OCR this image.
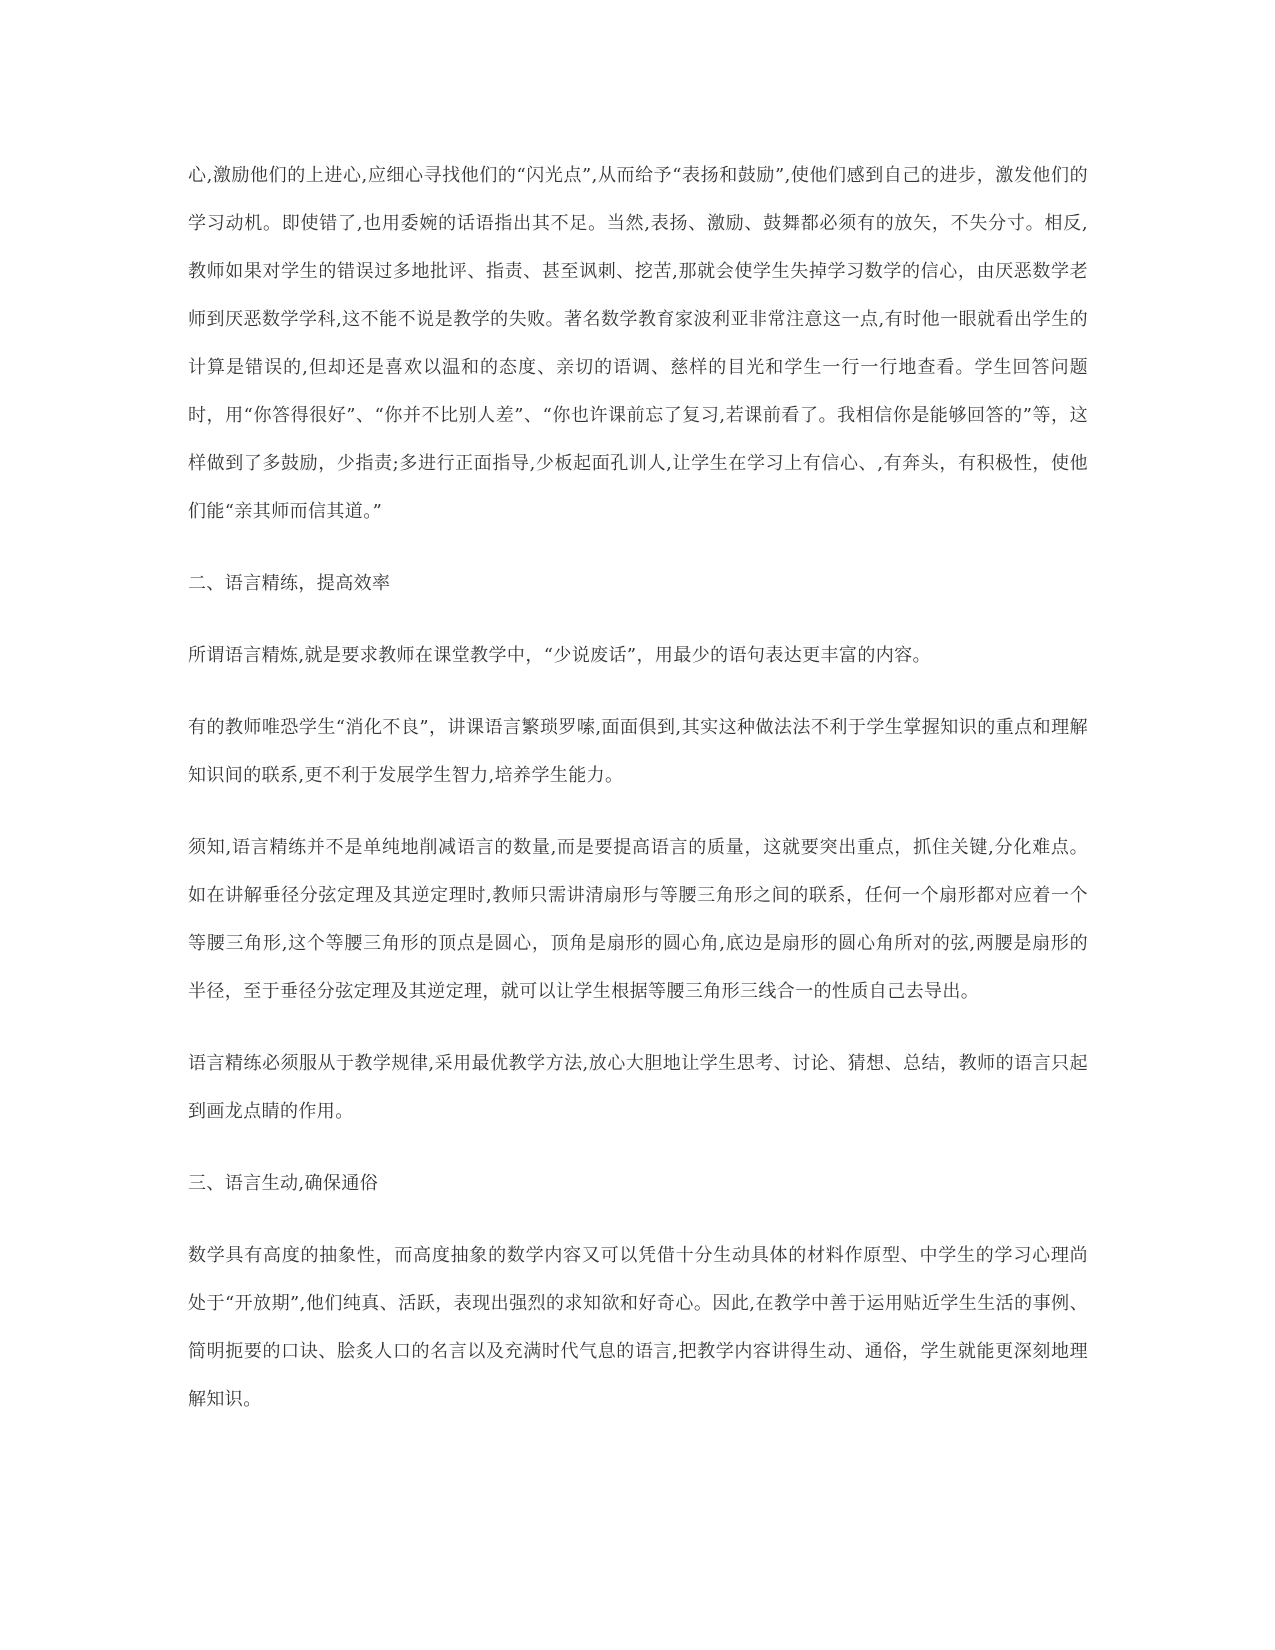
心,激励他们的上进心,应细心寻找他们的“闪光点”,从而给予“表扬和鼓励”,使他们感到自己的进步，激发他们的学习动机。即使错了,也用委婉的话语指出其不足。当然,表扬、激励、鼓舞都必须有的放矢，不失分寸。相反,教师如果对学生的错误过多地批评、指责、甚至讽刺、挖苦,那就会使学生失掉学习数学的信心，由厌恶数学老师到厌恶数学学科,这不能不说是教学的失败。著名数学教育家波利亚非常注意这一点,有时他一眼就看出学生的计算是错误的,但却还是喜欢以温和的态度、亲切的语调、慈样的目光和学生一行一行地查看。学生回答问题时，用“你答得很好”、“你并不比别人差”、“你也许课前忘了复习,若课前看了。我相信你是能够回答的”等，这样做到了多鼓励，少指责;多进行正面指导,少板起面孔训人,让学生在学习上有信心、,有奔头，有积极性，使他们能“亲其师而信其道。”

二、语言精练，提高效率

所谓语言精炼,就是要求教师在课堂教学中，“少说废话”，用最少的语句表达更丰富的内容。

有的教师唯恐学生“消化不良”，讲课语言繁琐罗嗦,面面俱到,其实这种做法法不利于学生掌握知识的重点和理解知识间的联系,更不利于发展学生智力,培养学生能力。

须知,语言精练并不是单纯地削减语言的数量,而是要提高语言的质量，这就要突出重点，抓住关键,分化难点。如在讲解垂径分弦定理及其逆定理时,教师只需讲清扇形与等腰三角形之间的联系，任何一个扇形都对应着一个等腰三角形,这个等腰三角形的顶点是圆心，顶角是扇形的圆心角,底边是扇形的圆心角所对的弦,两腰是扇形的半径，至于垂径分弦定理及其逆定理，就可以让学生根据等腰三角形三线合一的性质自己去导出。

语言精练必须服从于教学规律,采用最优教学方法,放心大胆地让学生思考、讨论、猜想、总结，教师的语言只起到画龙点睛的作用。

三、语言生动,确保通俗

数学具有高度的抽象性，而高度抽象的数学内容又可以凭借十分生动具体的材料作原型、中学生的学习心理尚处于“开放期”,他们纯真、活跃，表现出强烈的求知欲和好奇心。因此,在教学中善于运用贴近学生生活的事例、简明扼要的口诀、脍炙人口的名言以及充满时代气息的语言,把教学内容讲得生动、通俗，学生就能更深刻地理解知识。
